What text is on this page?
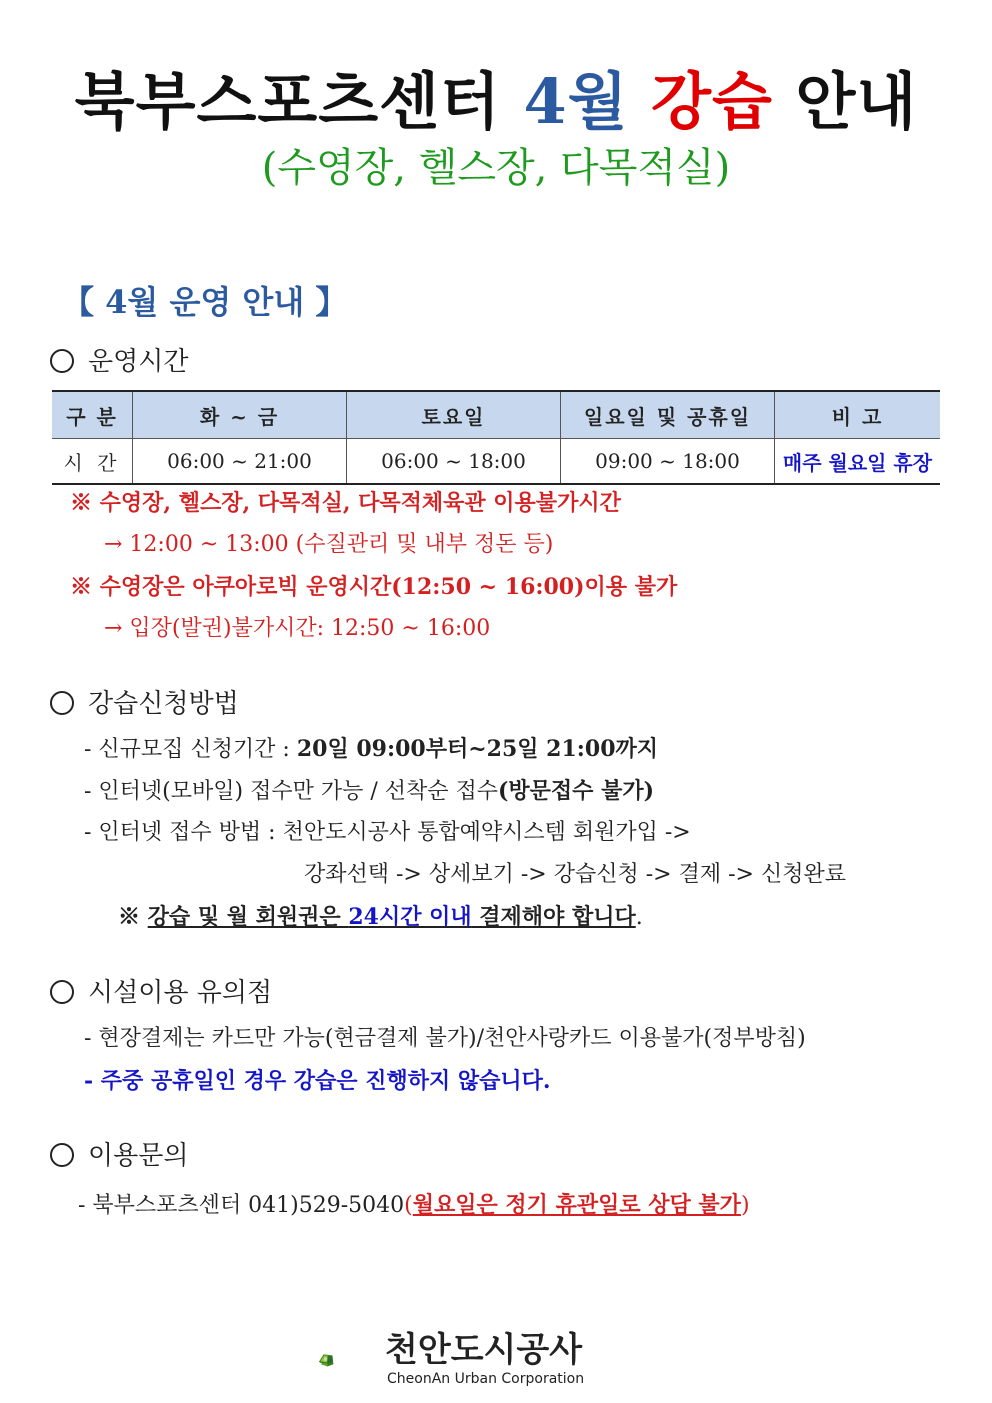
북부스포츠센터 4월 강습 안내
(수영장, 헬스장, 다목적실)
【 4월 운영 안내 】
운영시간
구 분	화 ~ 금	토요일	일요일 및 공휴일	비 고
시 간	06:00 ~ 21:00	06:00 ~ 18:00	09:00 ~ 18:00	매주 월요일 휴장
※ 수영장, 헬스장, 다목적실, 다목적체육관 이용불가시간
→ 12:00 ~ 13:00 (수질관리 및 내부 정돈 등)
※ 수영장은 아쿠아로빅 운영시간(12:50 ~ 16:00)이용 불가
→ 입장(발권)불가시간: 12:50 ~ 16:00
강습신청방법
- 신규모집 신청기간 : 20일 09:00부터~25일 21:00까지
- 인터넷(모바일) 접수만 가능 / 선착순 접수(방문접수 불가)
- 인터넷 접수 방법 : 천안도시공사 통합예약시스템 회원가입 ->
강좌선택 -> 상세보기 -> 강습신청 -> 결제 -> 신청완료
※ 강습 및 월 회원권은 24시간 이내 결제해야 합니다.
시설이용 유의점
- 현장결제는 카드만 가능(현금결제 불가)/천안사랑카드 이용불가(정부방침)
- 주중 공휴일인 경우 강습은 진행하지 않습니다.
이용문의
- 북부스포츠센터 041)529-5040(월요일은 정기 휴관일로 상담 불가)
천안도시공사
CheonAn Urban Corporation
